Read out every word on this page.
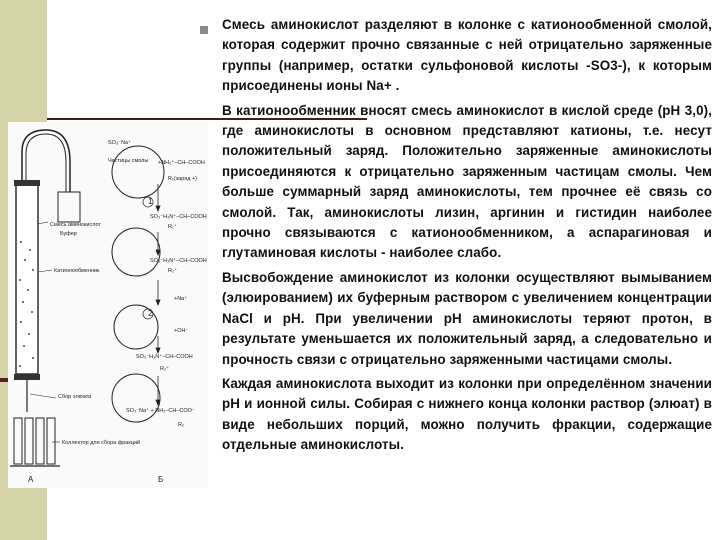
Смесь аминокислот разделяют в колонке с катионообменной смолой, которая содержит прочно связанные с ней отрицательно заряженные группы (например, остатки сульфоновой кислоты -SO3-), к которым присоединены ионы Na+ .

В катионообменник вносят смесь аминокислот в кислой среде (pH 3,0), где аминокислоты в основном представляют катионы, т.е. несут положительный заряд. Положительно заряженные аминокислоты присоединяются к отрицательно заряженным частицам смолы. Чем больше суммарный заряд аминокислоты, тем прочнее её связь со смолой. Так, аминокислоты лизин, аргинин и гистидин наиболее прочно связываются с катионообменником, а аспарагиновая и глутаминовая кислоты - наиболее слабо.

Высвобождение аминокислот из колонки осуществляют вымыванием (элюированием) их буферным раствором с увеличением концентрации NaCl и pH. При увеличении pH аминокислоты теряют протон, в результате уменьшается их положительный заряд, а следовательно и прочность связи с отрицательно заряженными частицами смолы.

Каждая аминокислота выходит из колонки при определённом значении pH и ионной силы. Собирая с нижнего конца колонки раствор (элюат) в виде небольших порций, можно получить фракции, содержащие отдельные аминокислоты.

Буфер
Смесь аминокислот
Катионообменник
Сбор элюата
Коллектор для сбора фракций
А	Б
SO₃⁻Na⁺
Частицы смолы +NH₃⁺–CH–COOH
R₁(заряд +)
1
SO₃⁻H₃N⁺–CH–COOH
R₁⁺
SO₃⁻H₃N⁺–CH–COOH
R₂⁺
+Na⁺
2
+OH⁻
SO₃⁻H₃N⁺–CH–COOH
R₂⁺
SO₃⁻Na⁺ + NH₂–CH–COO⁻
R₂
